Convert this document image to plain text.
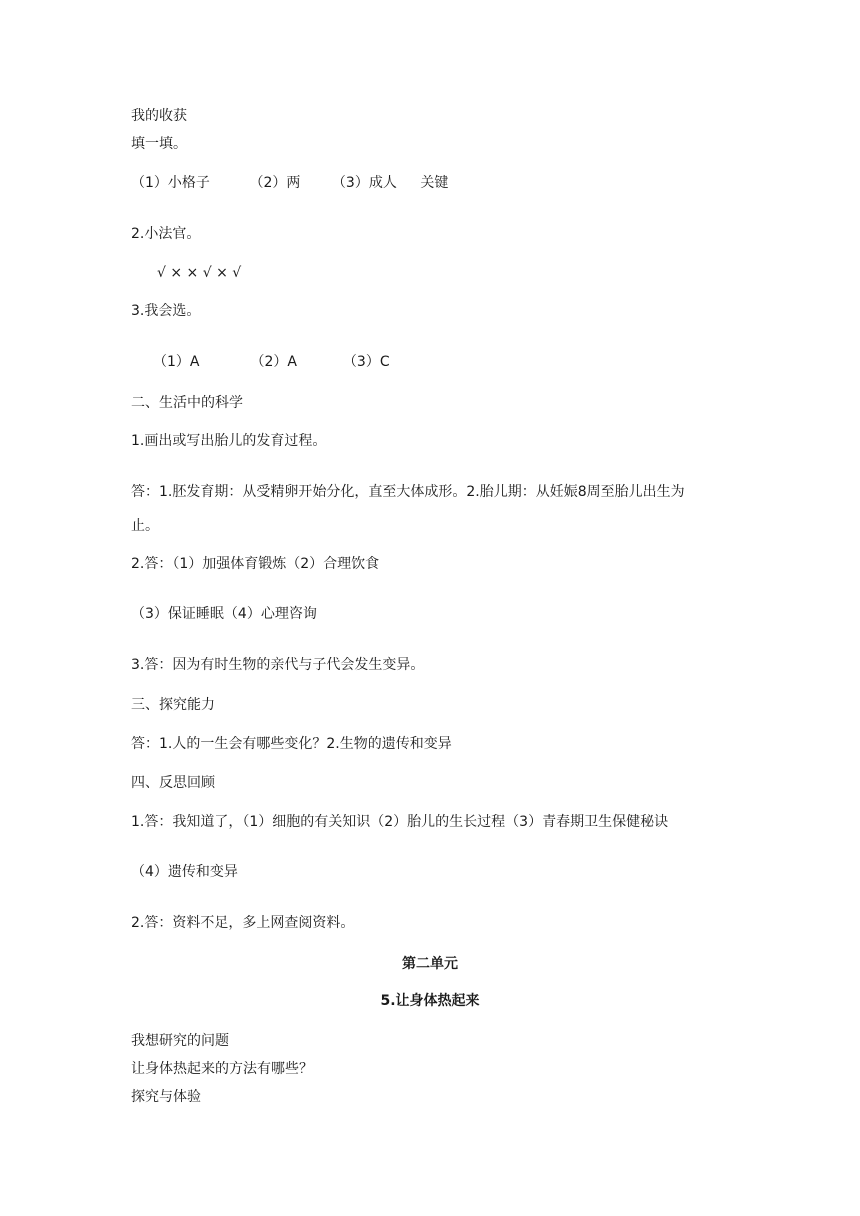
我的收获
填一填。
（1）小格子	（2）两 （3）成人 关键
2.小法官。
√ × × √ × √
3.我会选。
（1）A	（2）A	（3）C
二、生活中的科学
1.画出或写出胎儿的发育过程。
答：1.胚发育期：从受精卵开始分化，直至大体成形。2.胎儿期：从妊娠8周至胎儿出生为
止。
2.答：（1）加强体育锻炼（2）合理饮食
（3）保证睡眠（4）心理咨询
3.答：因为有时生物的亲代与子代会发生变异。
三、探究能力
答：1.人的一生会有哪些变化？2.生物的遗传和变异
四、反思回顾
1.答：我知道了，（1）细胞的有关知识（2）胎儿的生长过程（3）青春期卫生保健秘诀
（4）遗传和变异
2.答：资料不足，多上网查阅资料。
第二单元
5.让身体热起来
我想研究的问题
让身体热起来的方法有哪些？
探究与体验
